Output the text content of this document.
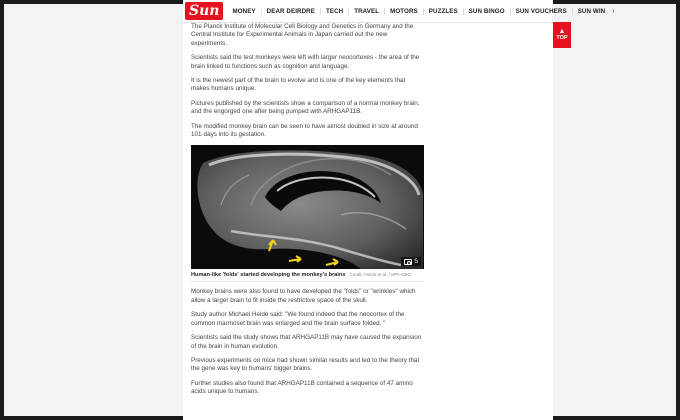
Sun	MONEY	DEAR DEIRDRE	TECH	TRAVEL	MOTORS	PUZZLES	SUN BINGO	SUN VOUCHERS	SUN WIN	›
▲
TOP

The Planck Institute of Molecular Cell Biology and Genetics in Germany and the Central Institute for Experimental Animals in Japan carried out the new experiments.

Scientists said the test monkeys were left with larger neocortexes - the area of the brain linked to functions such as cognition and language.

It is the newest part of the brain to evolve and is one of the key elements that makes humans unique.

Pictures published by the scientists show a comparison of a normal monkey brain, and the engorged one after being pumped with ARHGAP11B.

The modified monkey brain can be seen to have almost doubled in size at around 101-days into its gestation.

5
Human-like 'folds' started developing the monkey's brains Credit: Heide et al. / MPI-CBG

Monkey brains were also found to have developed the "folds" or "wrinkles" which allow a larger brain to fit inside the restrictive space of the skull.

Study author Michael Heide said: "We found indeed that the neocortex of the common marmoset brain was enlarged and the brain surface folded. "

Scientists said the study shows that ARHGAP11B may have caused the expansion of the brain in human evolution.

Previous experiments on mice had shown similar results and led to the theory that the gene was key to humans' bigger brains.

Further studies also found that ARHGAP11B contained a sequence of 47 amino acids unique to humans.
